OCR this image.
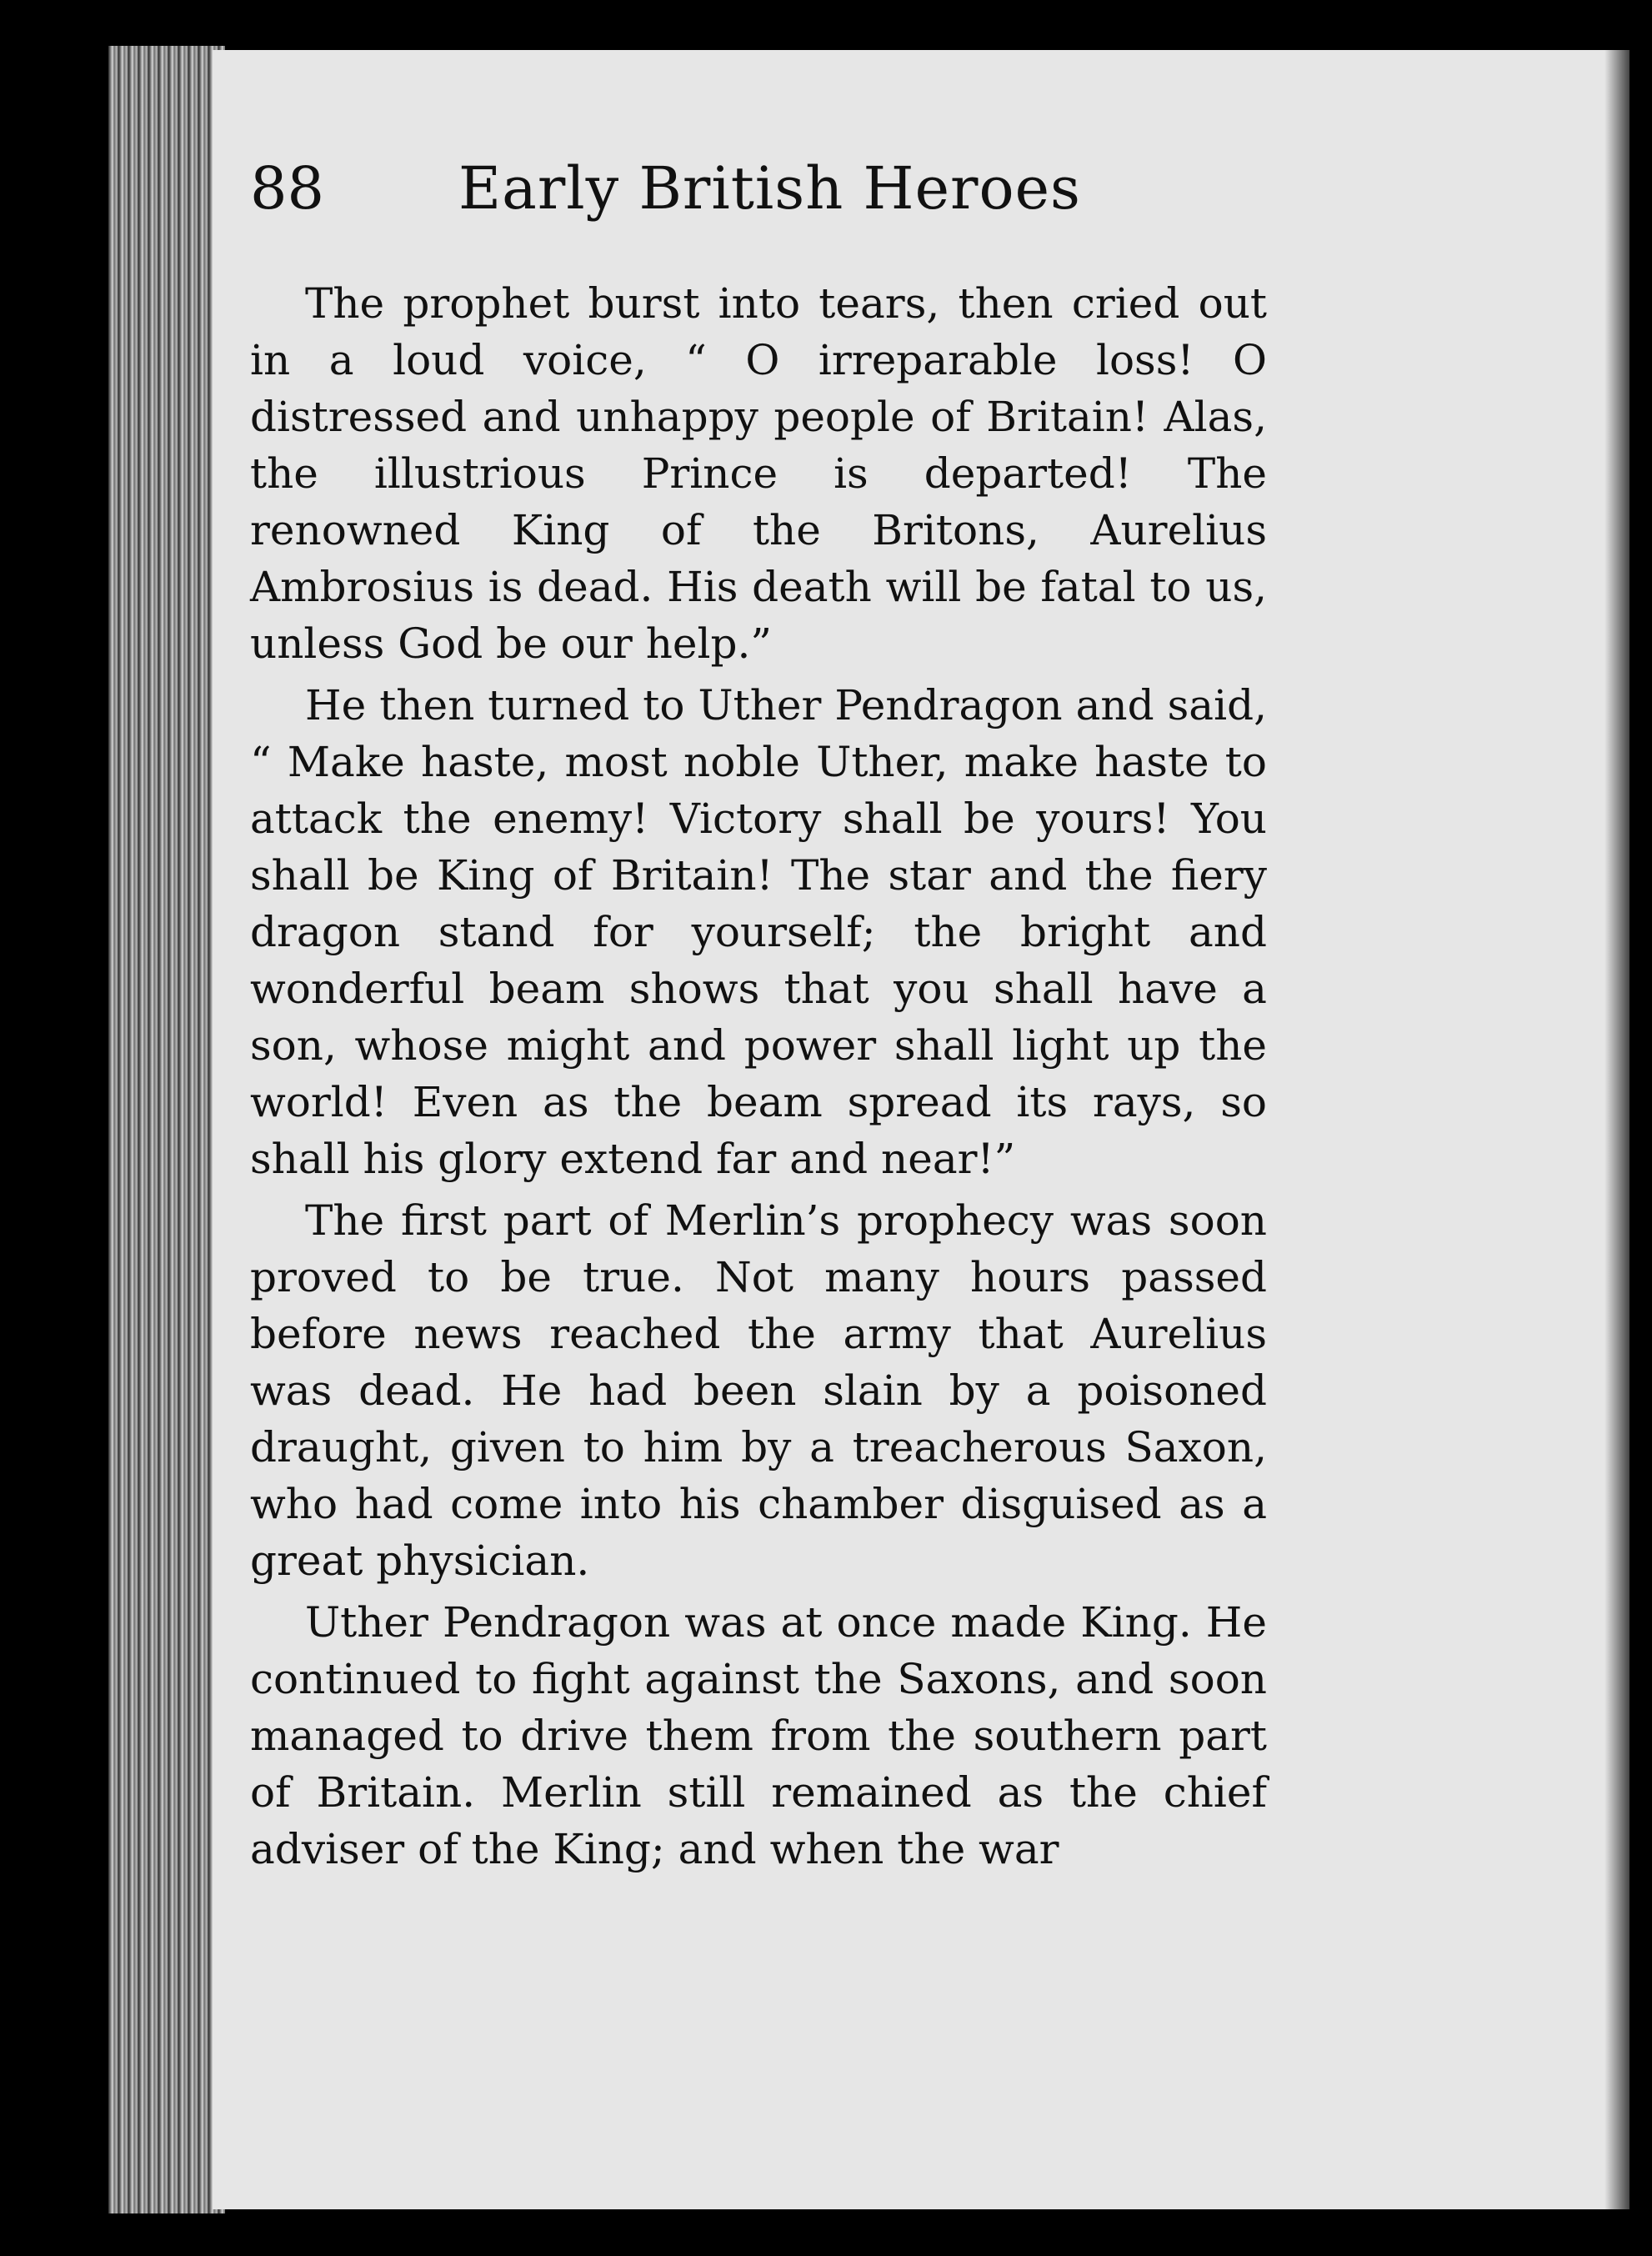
88 Early British Heroes

The prophet burst into tears, then cried out in a loud voice, “ O irreparable loss! O distressed and unhappy people of Britain! Alas, the illustrious Prince is departed! The renowned King of the Britons, Aurelius Ambrosius is dead. His death will be fatal to us, unless God be our help.”

He then turned to Uther Pendragon and said, “ Make haste, most noble Uther, make haste to attack the enemy! Victory shall be yours! You shall be King of Britain! The star and the fiery dragon stand for yourself; the bright and wonderful beam shows that you shall have a son, whose might and power shall light up the world! Even as the beam spread its rays, so shall his glory extend far and near!”

The first part of Merlin’s prophecy was soon proved to be true. Not many hours passed before news reached the army that Aurelius was dead. He had been slain by a poisoned draught, given to him by a treacherous Saxon, who had come into his chamber disguised as a great physician.

Uther Pendragon was at once made King. He continued to fight against the Saxons, and soon managed to drive them from the southern part of Britain. Merlin still remained as the chief adviser of the King; and when the war
